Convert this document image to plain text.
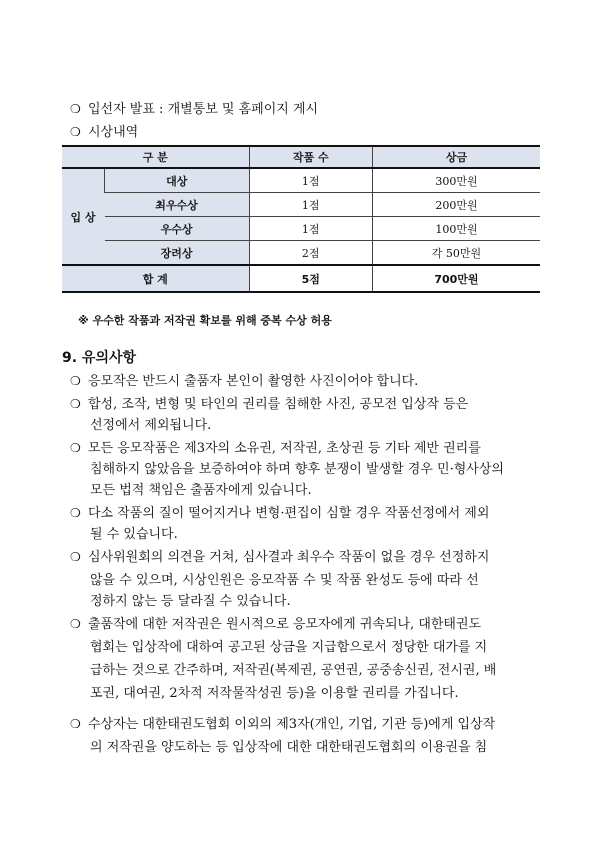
❍ 입선자 발표 : 개별통보 및 홈페이지 게시
❍ 시상내역
구 분		작품 수	상금
입 상	대상	1점	300만원
	최우수상	1점	200만원
	우수상	1점	100만원
	장려상	2점	각 50만원
합 계		5점	700만원
※ 우수한 작품과 저작권 확보를 위해 중복 수상 허용
9. 유의사항
❍ 응모작은 반드시 출품자 본인이 촬영한 사진이어야 합니다.
❍ 합성, 조작, 변형 및 타인의 권리를 침해한 사진, 공모전 입상작 등은
선정에서 제외됩니다.
❍ 모든 응모작품은 제3자의 소유권, 저작권, 초상권 등 기타 제반 권리를
침해하지 않았음을 보증하여야 하며 향후 분쟁이 발생할 경우 민·형사상의
모든 법적 책임은 출품자에게 있습니다.
❍ 다소 작품의 질이 떨어지거나 변형·편집이 심할 경우 작품선정에서 제외
될 수 있습니다.
❍ 심사위원회의 의견을 거쳐, 심사결과 최우수 작품이 없을 경우 선정하지
않을 수 있으며, 시상인원은 응모작품 수 및 작품 완성도 등에 따라 선
정하지 않는 등 달라질 수 있습니다.
❍ 출품작에 대한 저작권은 원시적으로 응모자에게 귀속되나, 대한태권도
협회는 입상작에 대하여 공고된 상금을 지급함으로서 정당한 대가를 지
급하는 것으로 간주하며, 저작권(복제권, 공연권, 공중송신권, 전시권, 배
포권, 대여권, 2차적 저작물작성권 등)을 이용할 권리를 가집니다.
❍ 수상자는 대한태권도협회 이외의 제3자(개인, 기업, 기관 등)에게 입상작
의 저작권을 양도하는 등 입상작에 대한 대한태권도협회의 이용권을 침
